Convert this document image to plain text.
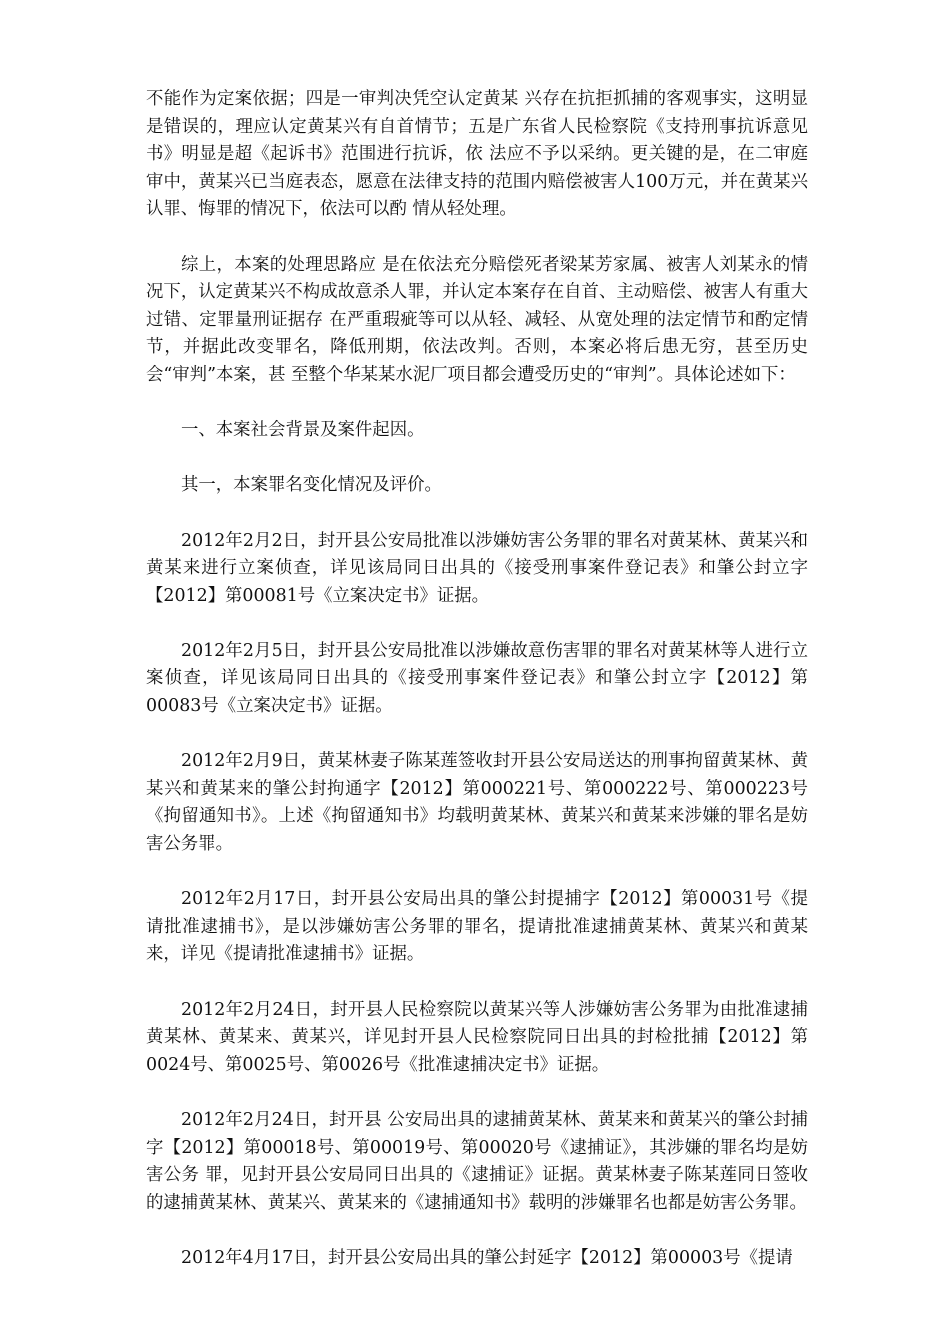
不能作为定案依据；四是一审判决凭空认定黄某 兴存在抗拒抓捕的客观事实，这明显是错误的，理应认定黄某兴有自首情节；五是广东省人民检察院《支持刑事抗诉意见书》明显是超《起诉书》范围进行抗诉，依 法应不予以采纳。更关键的是，在二审庭审中，黄某兴已当庭表态，愿意在法律支持的范围内赔偿被害人100万元，并在黄某兴认罪、悔罪的情况下，依法可以酌 情从轻处理。

综上，本案的处理思路应 是在依法充分赔偿死者梁某芳家属、被害人刘某永的情况下，认定黄某兴不构成故意杀人罪，并认定本案存在自首、主动赔偿、被害人有重大过错、定罪量刑证据存 在严重瑕疵等可以从轻、减轻、从宽处理的法定情节和酌定情节，并据此改变罪名，降低刑期，依法改判。否则，本案必将后患无穷，甚至历史会“审判”本案，甚 至整个华某某水泥厂项目都会遭受历史的“审判”。具体论述如下：

一、本案社会背景及案件起因。

其一，本案罪名变化情况及评价。

2012年2月2日，封开县公安局批准以涉嫌妨害公务罪的罪名对黄某林、黄某兴和黄某来进行立案侦查，详见该局同日出具的《接受刑事案件登记表》和肇公封立字【2012】第00081号《立案决定书》证据。

2012年2月5日，封开县公安局批准以涉嫌故意伤害罪的罪名对黄某林等人进行立案侦查，详见该局同日出具的《接受刑事案件登记表》和肇公封立字【2012】第00083号《立案决定书》证据。

2012年2月9日，黄某林妻子陈某莲签收封开县公安局送达的刑事拘留黄某林、黄某兴和黄某来的肇公封拘通字【2012】第000221号、第000222号、第000223号《拘留通知书》。上述《拘留通知书》均载明黄某林、黄某兴和黄某来涉嫌的罪名是妨害公务罪。

2012年2月17日，封开县公安局出具的肇公封提捕字【2012】第00031号《提请批准逮捕书》，是以涉嫌妨害公务罪的罪名，提请批准逮捕黄某林、黄某兴和黄某来，详见《提请批准逮捕书》证据。

2012年2月24日，封开县人民检察院以黄某兴等人涉嫌妨害公务罪为由批准逮捕黄某林、黄某来、黄某兴，详见封开县人民检察院同日出具的封检批捕【2012】第0024号、第0025号、第0026号《批准逮捕决定书》证据。

2012年2月24日，封开县 公安局出具的逮捕黄某林、黄某来和黄某兴的肇公封捕字【2012】第00018号、第00019号、第00020号《逮捕证》，其涉嫌的罪名均是妨害公务 罪，见封开县公安局同日出具的《逮捕证》证据。黄某林妻子陈某莲同日签收的逮捕黄某林、黄某兴、黄某来的《逮捕通知书》载明的涉嫌罪名也都是妨害公务罪。

2012年4月17日，封开县公安局出具的肇公封延字【2012】第00003号《提请
